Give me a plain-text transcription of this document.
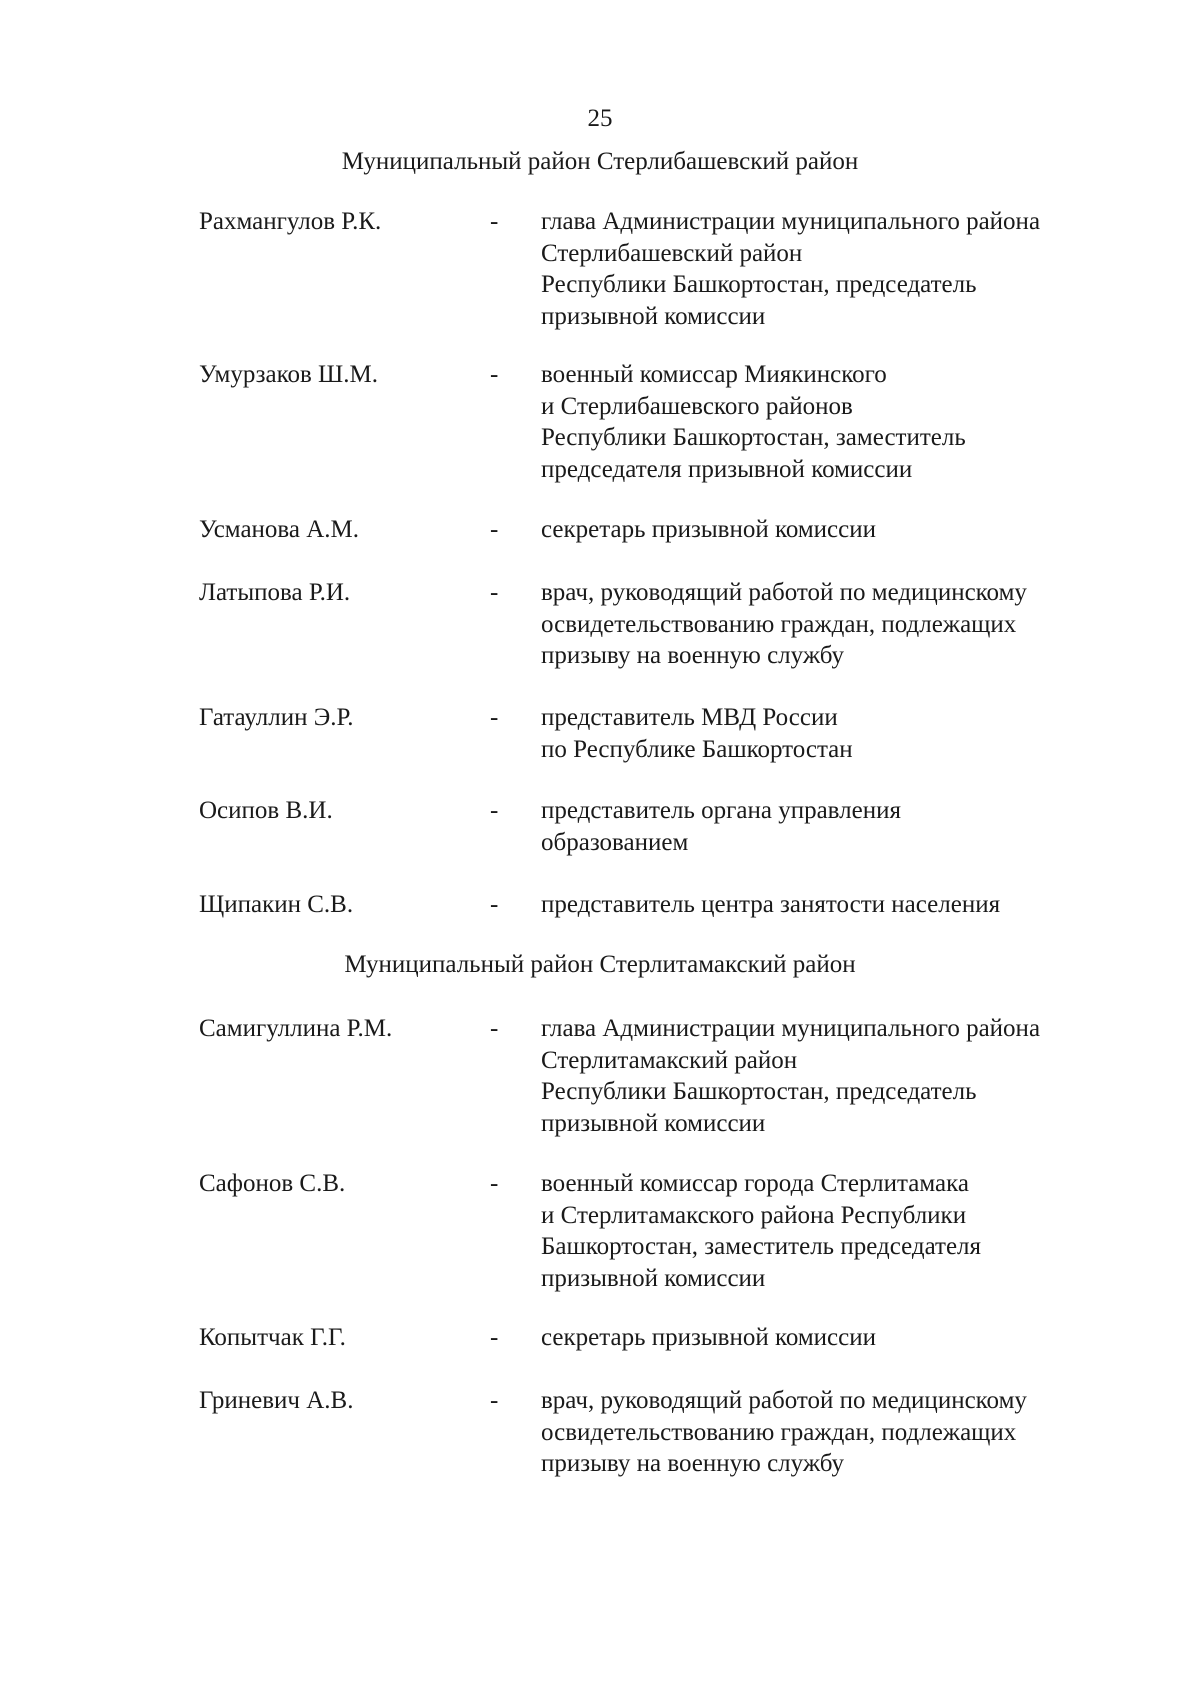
25
Муниципальный район Стерлибашевский район
Рахмангулов Р.К.	- глава Администрации муниципального района
Стерлибашевский район
Республики Башкортостан, председатель
призывной комиссии
Умурзаков Ш.М.	- военный комиссар Миякинского
и Стерлибашевского районов
Республики Башкортостан, заместитель
председателя призывной комиссии
Усманова А.М.	- секретарь призывной комиссии
Латыпова Р.И.	- врач, руководящий работой по медицинскому
освидетельствованию граждан, подлежащих
призыву на военную службу
Гатауллин Э.Р.	- представитель МВД России
по Республике Башкортостан
Осипов В.И.	- представитель органа управления
образованием
Щипакин С.В.	- представитель центра занятости населения
Муниципальный район Стерлитамакский район
Самигуллина Р.М.	- глава Администрации муниципального района
Стерлитамакский район
Республики Башкортостан, председатель
призывной комиссии
Сафонов С.В.	- военный комиссар города Стерлитамака
и Стерлитамакского района Республики
Башкортостан, заместитель председателя
призывной комиссии
Копытчак Г.Г.	- секретарь призывной комиссии
Гриневич А.В.	- врач, руководящий работой по медицинскому
освидетельствованию граждан, подлежащих
призыву на военную службу
